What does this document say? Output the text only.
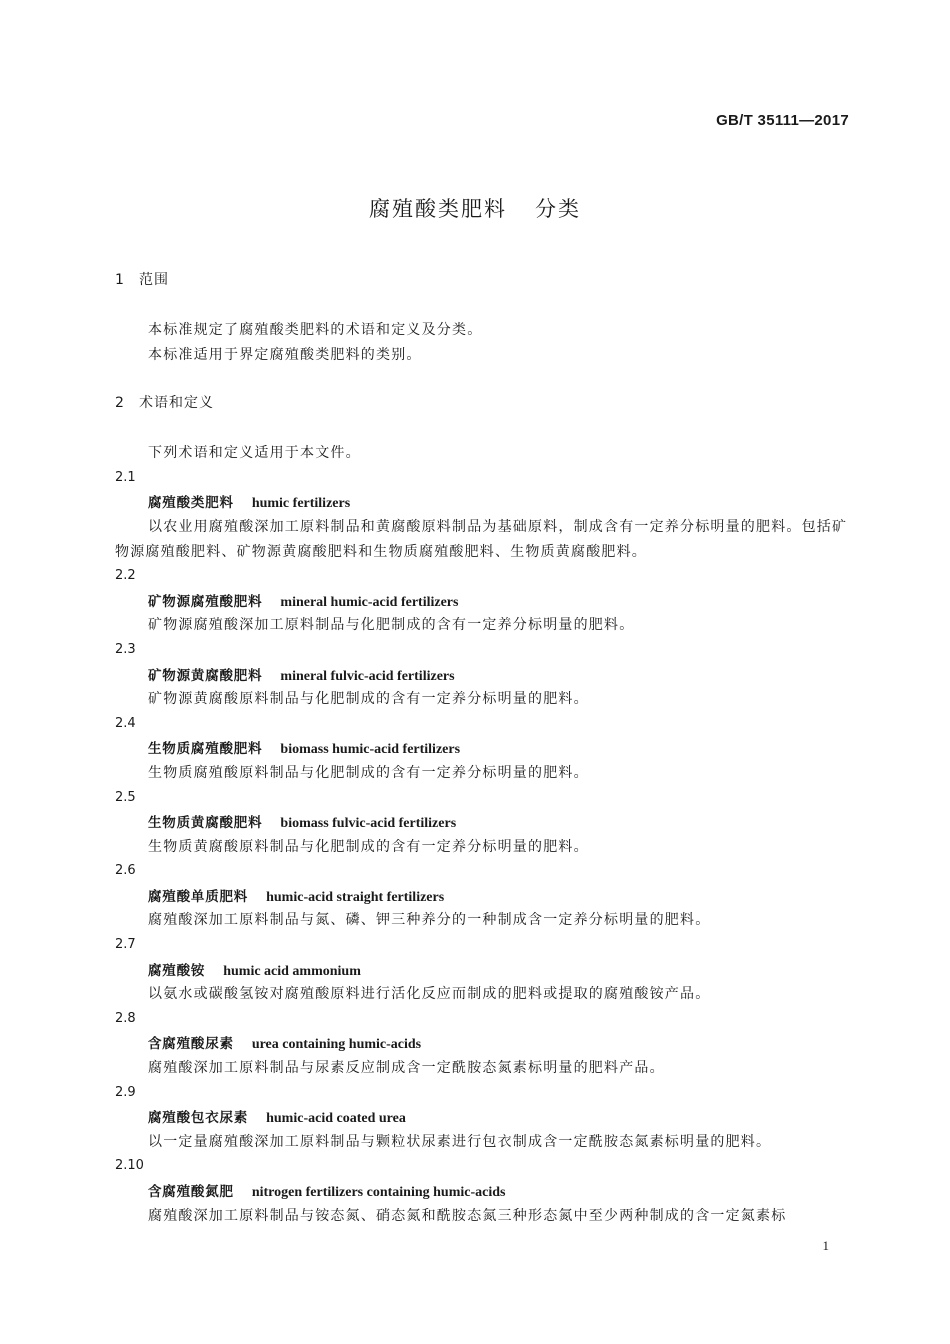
GB/T 35111—2017
腐殖酸类肥料 分类
1 范围
本标准规定了腐殖酸类肥料的术语和定义及分类。
本标准适用于界定腐殖酸类肥料的类别。
2 术语和定义
下列术语和定义适用于本文件。
2.1
腐殖酸类肥料 humic fertilizers
以农业用腐殖酸深加工原料制品和黄腐酸原料制品为基础原料，制成含有一定养分标明量的肥料。包括矿物源腐殖酸肥料、矿物源黄腐酸肥料和生物质腐殖酸肥料、生物质黄腐酸肥料。
2.2
矿物源腐殖酸肥料 mineral humic-acid fertilizers
矿物源腐殖酸深加工原料制品与化肥制成的含有一定养分标明量的肥料。
2.3
矿物源黄腐酸肥料 mineral fulvic-acid fertilizers
矿物源黄腐酸原料制品与化肥制成的含有一定养分标明量的肥料。
2.4
生物质腐殖酸肥料 biomass humic-acid fertilizers
生物质腐殖酸原料制品与化肥制成的含有一定养分标明量的肥料。
2.5
生物质黄腐酸肥料 biomass fulvic-acid fertilizers
生物质黄腐酸原料制品与化肥制成的含有一定养分标明量的肥料。
2.6
腐殖酸单质肥料 humic-acid straight fertilizers
腐殖酸深加工原料制品与氮、磷、钾三种养分的一种制成含一定养分标明量的肥料。
2.7
腐殖酸铵 humic acid ammonium
以氨水或碳酸氢铵对腐殖酸原料进行活化反应而制成的肥料或提取的腐殖酸铵产品。
2.8
含腐殖酸尿素 urea containing humic-acids
腐殖酸深加工原料制品与尿素反应制成含一定酰胺态氮素标明量的肥料产品。
2.9
腐殖酸包衣尿素 humic-acid coated urea
以一定量腐殖酸深加工原料制品与颗粒状尿素进行包衣制成含一定酰胺态氮素标明量的肥料。
2.10
含腐殖酸氮肥 nitrogen fertilizers containing humic-acids
腐殖酸深加工原料制品与铵态氮、硝态氮和酰胺态氮三种形态氮中至少两种制成的含一定氮素标
1
